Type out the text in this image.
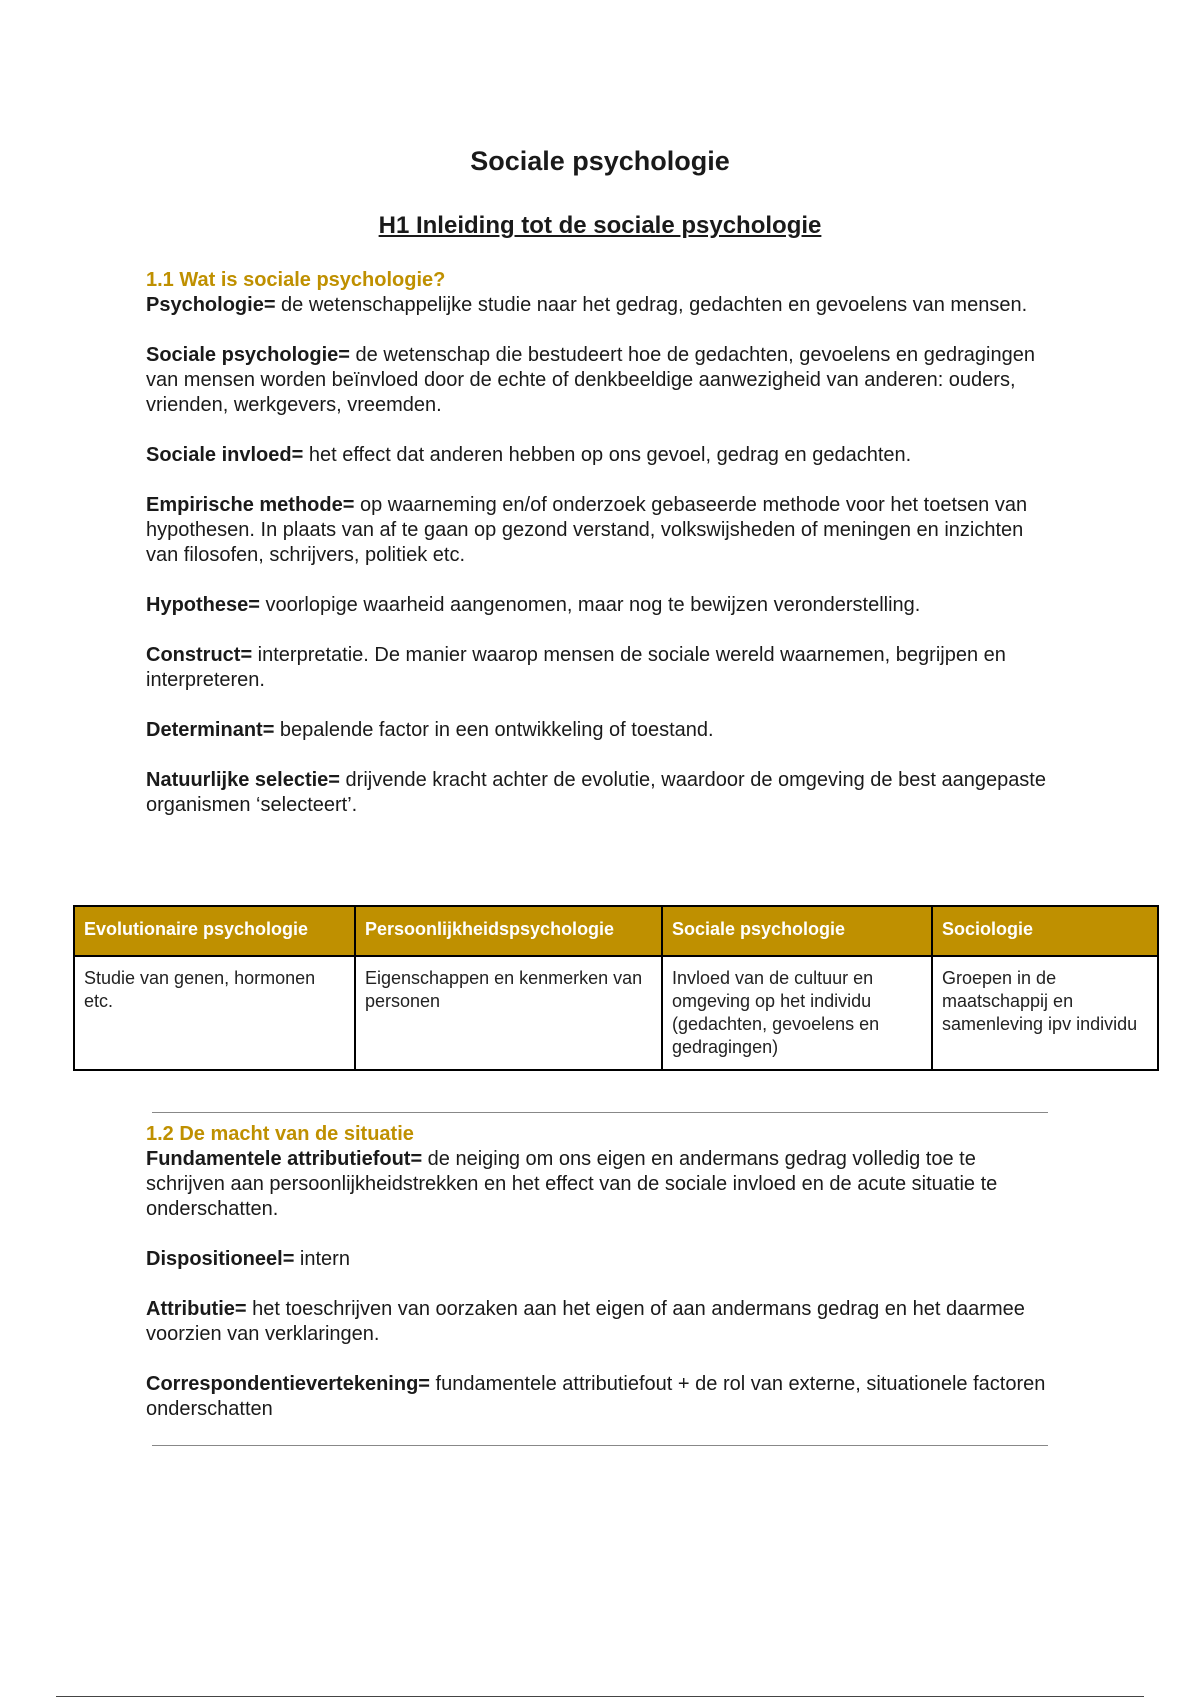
Sociale psychologie
H1 Inleiding tot de sociale psychologie
1.1 Wat is sociale psychologie?

Psychologie= de wetenschappelijke studie naar het gedrag, gedachten en gevoelens van mensen.

Sociale psychologie= de wetenschap die bestudeert hoe de gedachten, gevoelens en gedragingen van mensen worden beïnvloed door de echte of denkbeeldige aanwezigheid van anderen: ouders, vrienden, werkgevers, vreemden.

Sociale invloed= het effect dat anderen hebben op ons gevoel, gedrag en gedachten.

Empirische methode= op waarneming en/of onderzoek gebaseerde methode voor het toetsen van hypothesen. In plaats van af te gaan op gezond verstand, volkswijsheden of meningen en inzichten van filosofen, schrijvers, politiek etc.

Hypothese= voorlopige waarheid aangenomen, maar nog te bewijzen veronderstelling.

Construct= interpretatie. De manier waarop mensen de sociale wereld waarnemen, begrijpen en interpreteren.

Determinant= bepalende factor in een ontwikkeling of toestand.

Natuurlijke selectie= drijvende kracht achter de evolutie, waardoor de omgeving de best aangepaste organismen ‘selecteert’.

Evolutionaire psychologie	Persoonlijkheidspsychologie	Sociale psychologie	Sociologie
Studie van genen, hormonen etc.	Eigenschappen en kenmerken van personen	Invloed van de cultuur en omgeving op het individu (gedachten, gevoelens en gedragingen)	Groepen in de maatschappij en samenleving ipv individu
1.2 De macht van de situatie

Fundamentele attributiefout= de neiging om ons eigen en andermans gedrag volledig toe te schrijven aan persoonlijkheidstrekken en het effect van de sociale invloed en de acute situatie te onderschatten.

Dispositioneel= intern

Attributie= het toeschrijven van oorzaken aan het eigen of aan andermans gedrag en het daarmee voorzien van verklaringen.

Correspondentievertekening= fundamentele attributiefout + de rol van externe, situationele factoren onderschatten
